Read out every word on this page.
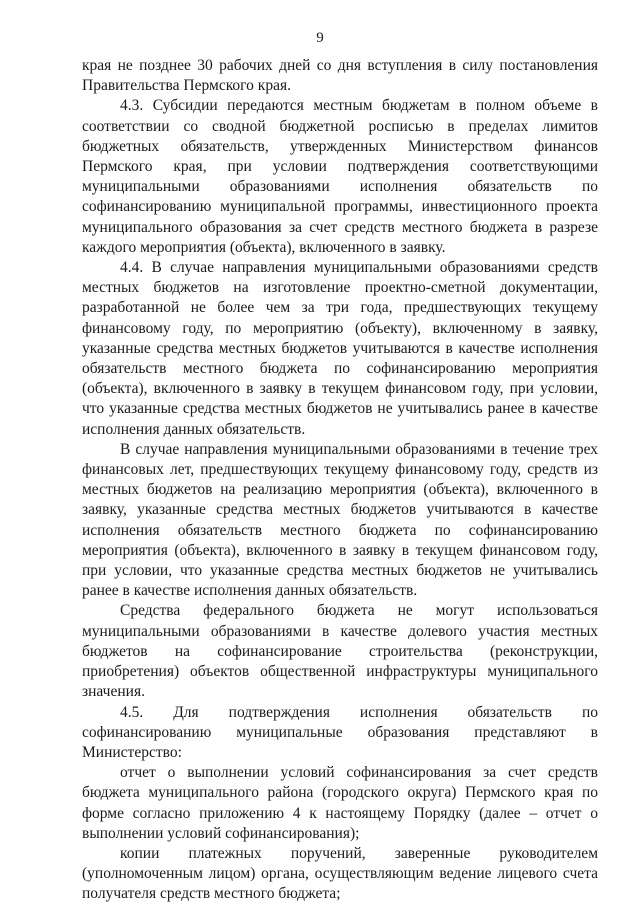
9

края не позднее 30 рабочих дней со дня вступления в силу постановления Правительства Пермского края.

4.3. Субсидии передаются местным бюджетам в полном объеме в соответствии со сводной бюджетной росписью в пределах лимитов бюджетных обязательств, утвержденных Министерством финансов Пермского края, при условии подтверждения соответствующими муниципальными образованиями исполнения обязательств по софинансированию муниципальной программы, инвестиционного проекта муниципального образования за счет средств местного бюджета в разрезе каждого мероприятия (объекта), включенного в заявку.

4.4. В случае направления муниципальными образованиями средств местных бюджетов на изготовление проектно-сметной документации, разработанной не более чем за три года, предшествующих текущему финансовому году, по мероприятию (объекту), включенному в заявку, указанные средства местных бюджетов учитываются в качестве исполнения обязательств местного бюджета по софинансированию мероприятия (объекта), включенного в заявку в текущем финансовом году, при условии, что указанные средства местных бюджетов не учитывались ранее в качестве исполнения данных обязательств.

В случае направления муниципальными образованиями в течение трех финансовых лет, предшествующих текущему финансовому году, средств из местных бюджетов на реализацию мероприятия (объекта), включенного в заявку, указанные средства местных бюджетов учитываются в качестве исполнения обязательств местного бюджета по софинансированию мероприятия (объекта), включенного в заявку в текущем финансовом году, при условии, что указанные средства местных бюджетов не учитывались ранее в качестве исполнения данных обязательств.

Средства федерального бюджета не могут использоваться муниципальными образованиями в качестве долевого участия местных бюджетов на софинансирование строительства (реконструкции, приобретения) объектов общественной инфраструктуры муниципального значения.

4.5. Для подтверждения исполнения обязательств по софинансированию муниципальные образования представляют в Министерство:

отчет о выполнении условий софинансирования за счет средств бюджета муниципального района (городского округа) Пермского края по форме согласно приложению 4 к настоящему Порядку (далее – отчет о выполнении условий софинансирования);

копии платежных поручений, заверенные руководителем (уполномоченным лицом) органа, осуществляющим ведение лицевого счета получателя средств местного бюджета;
